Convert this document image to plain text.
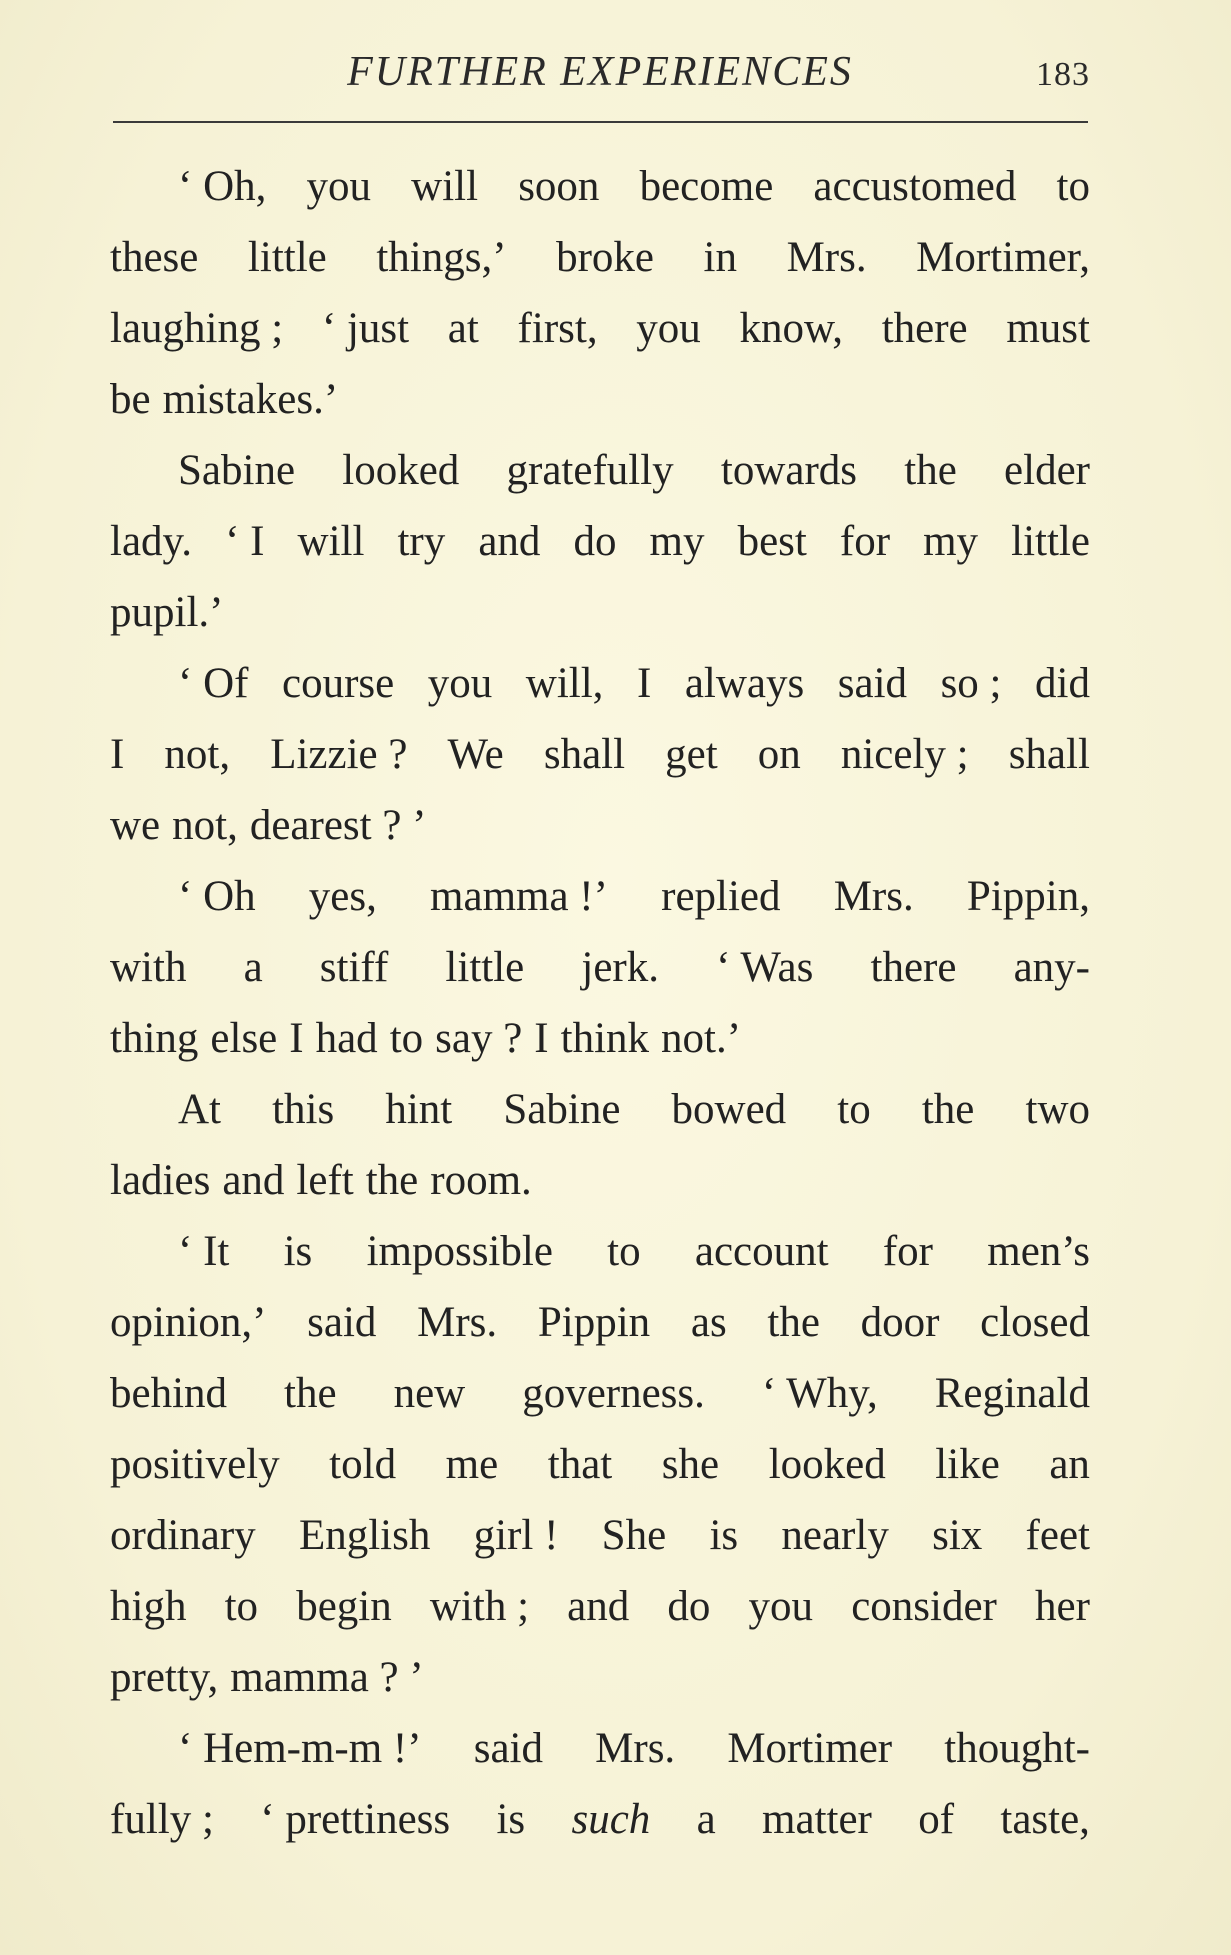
FURTHER EXPERIENCES	183
‘ Oh, you will soon become accustomed to
these little things,’ broke in Mrs. Mortimer,
laughing ; ‘ just at first, you know, there must
be mistakes.’
Sabine looked gratefully towards the elder
lady. ‘ I will try and do my best for my little
pupil.’
‘ Of course you will, I always said so ; did
I not, Lizzie ? We shall get on nicely ; shall
we not, dearest ? ’
‘ Oh yes, mamma !’ replied Mrs. Pippin,
with a stiff little jerk. ‘ Was there any-
thing else I had to say ? I think not.’
At this hint Sabine bowed to the two
ladies and left the room.
‘ It is impossible to account for men’s
opinion,’ said Mrs. Pippin as the door closed
behind the new governess. ‘ Why, Reginald
positively told me that she looked like an
ordinary English girl ! She is nearly six feet
high to begin with ; and do you consider her
pretty, mamma ? ’
‘ Hem-m-m !’ said Mrs. Mortimer thought-
fully ; ‘ prettiness is such a matter of taste,
